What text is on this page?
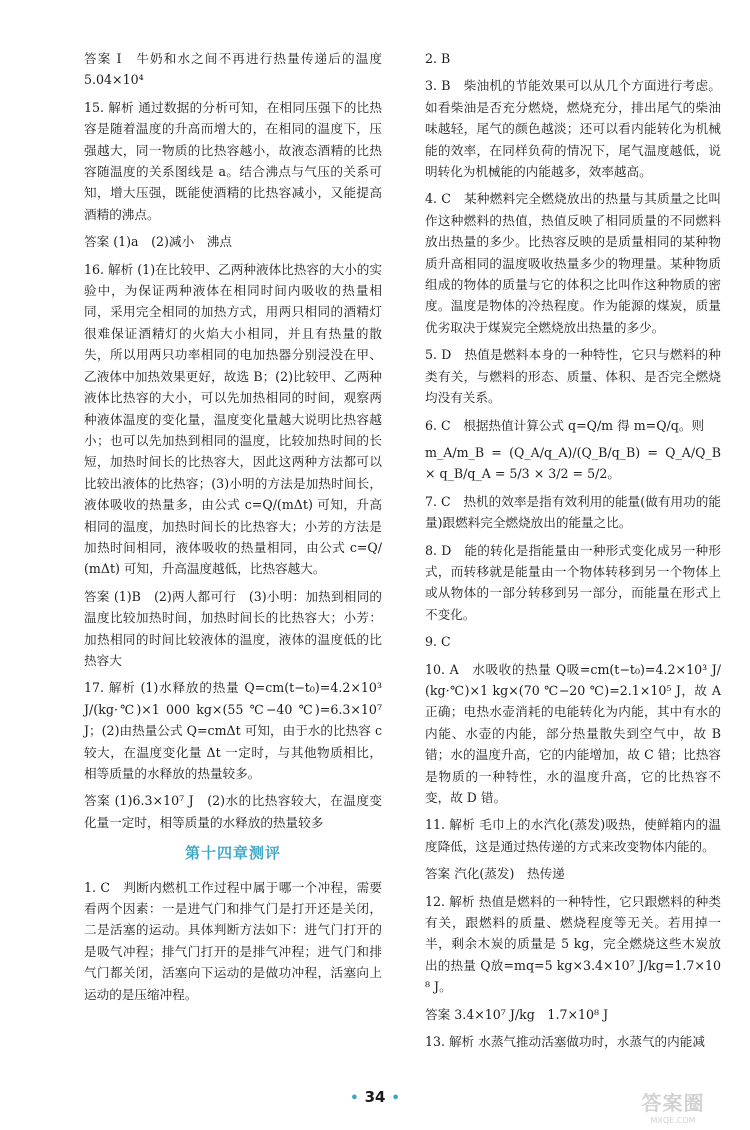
答案 Ⅰ　牛奶和水之间不再进行热量传递后的温度　5.04×10⁴

15. 解析 通过数据的分析可知，在相同压强下的比热容是随着温度的升高而增大的，在相同的温度下，压强越大，同一物质的比热容越小，故液态酒精的比热容随温度的关系图线是 a。结合沸点与气压的关系可知，增大压强，既能使酒精的比热容减小，又能提高酒精的沸点。

答案 (1)a　(2)减小　沸点

16. 解析 (1)在比较甲、乙两种液体比热容的大小的实验中，为保证两种液体在相同时间内吸收的热量相同，采用完全相同的加热方式，用两只相同的酒精灯很难保证酒精灯的火焰大小相同，并且有热量的散失，所以用两只功率相同的电加热器分别浸没在甲、乙液体中加热效果更好，故选 B；(2)比较甲、乙两种液体比热容的大小，可以先加热相同的时间，观察两种液体温度的变化量，温度变化量越大说明比热容越小；也可以先加热到相同的温度，比较加热时间的长短，加热时间长的比热容大，因此这两种方法都可以比较出液体的比热容；(3)小明的方法是加热时间长，液体吸收的热量多，由公式 c=Q/(mΔt) 可知，升高相同的温度，加热时间长的比热容大；小芳的方法是加热时间相同，液体吸收的热量相同，由公式 c=Q/(mΔt) 可知，升高温度越低，比热容越大。

答案 (1)B　(2)两人都可行　(3)小明：加热到相同的温度比较加热时间，加热时间长的比热容大；小芳：加热相同的时间比较液体的温度，液体的温度低的比热容大

17. 解析 (1)水释放的热量 Q=cm(t−t₀)=4.2×10³ J/(kg·℃)×1 000 kg×(55 ℃−40 ℃)=6.3×10⁷ J；(2)由热量公式 Q=cmΔt 可知，由于水的比热容 c 较大，在温度变化量 Δt 一定时，与其他物质相比，相等质量的水释放的热量较多。

答案 (1)6.3×10⁷ J　(2)水的比热容较大，在温度变化量一定时，相等质量的水释放的热量较多

第十四章测评

1. C　判断内燃机工作过程中属于哪一个冲程，需要看两个因素：一是进气门和排气门是打开还是关闭，二是活塞的运动。具体判断方法如下：进气门打开的是吸气冲程；排气门打开的是排气冲程；进气门和排气门都关闭，活塞向下运动的是做功冲程，活塞向上运动的是压缩冲程。

2. B

3. B　柴油机的节能效果可以从几个方面进行考虑。如看柴油是否充分燃烧，燃烧充分，排出尾气的柴油味越轻，尾气的颜色越淡；还可以看内能转化为机械能的效率，在同样负荷的情况下，尾气温度越低，说明转化为机械能的内能越多，效率越高。

4. C　某种燃料完全燃烧放出的热量与其质量之比叫作这种燃料的热值，热值反映了相同质量的不同燃料放出热量的多少。比热容反映的是质量相同的某种物质升高相同的温度吸收热量多少的物理量。某种物质组成的物体的质量与它的体积之比叫作这种物质的密度。温度是物体的冷热程度。作为能源的煤炭，质量优劣取决于煤炭完全燃烧放出热量的多少。

5. D　热值是燃料本身的一种特性，它只与燃料的种类有关，与燃料的形态、质量、体积、是否完全燃烧均没有关系。

6. C　根据热值计算公式 q=Q/m 得 m=Q/q。则

m_A/m_B = (Q_A/q_A)/(Q_B/q_B) = Q_A/Q_B × q_B/q_A = 5/3 × 3/2 = 5/2。

7. C　热机的效率是指有效利用的能量(做有用功的能量)跟燃料完全燃烧放出的能量之比。

8. D　能的转化是指能量由一种形式变化成另一种形式，而转移就是能量由一个物体转移到另一个物体上或从物体的一部分转移到另一部分，而能量在形式上不变化。

9. C

10. A　水吸收的热量 Q吸=cm(t−t₀)=4.2×10³ J/(kg·℃)×1 kg×(70 ℃−20 ℃)=2.1×10⁵ J，故 A 正确；电热水壶消耗的电能转化为内能，其中有水的内能、水壶的内能，部分热量散失到空气中，故 B 错；水的温度升高，它的内能增加，故 C 错；比热容是物质的一种特性，水的温度升高，它的比热容不变，故 D 错。

11. 解析 毛巾上的水汽化(蒸发)吸热，使鲜箱内的温度降低，这是通过热传递的方式来改变物体内能的。

答案 汽化(蒸发)　热传递

12. 解析 热值是燃料的一种特性，它只跟燃料的种类有关，跟燃料的质量、燃烧程度等无关。若用掉一半，剩余木炭的质量是 5 kg，完全燃烧这些木炭放出的热量 Q放=mq=5 kg×3.4×10⁷ J/kg=1.7×10⁸ J。

答案 3.4×10⁷ J/kg　1.7×10⁸ J

13. 解析 水蒸气推动活塞做功时，水蒸气的内能减

• 34 •	答案圈
MXQE.COM
